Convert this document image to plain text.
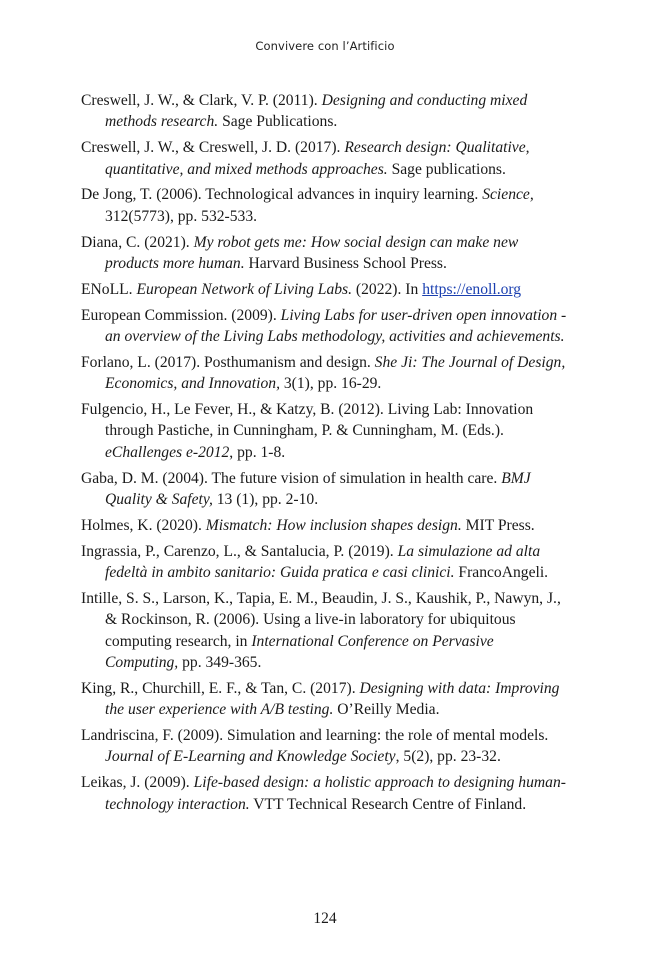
Convivere con l’Artificio

Creswell, J. W., & Clark, V. P. (2011). Designing and conducting mixed methods research. Sage Publications.

Creswell, J. W., & Creswell, J. D. (2017). Research design: Qualitative, quantitative, and mixed methods approaches. Sage publications.

De Jong, T. (2006). Technological advances in inquiry learning. Science, 312(5773), pp. 532-533.

Diana, C. (2021). My robot gets me: How social design can make new products more human. Harvard Business School Press.

ENoLL. European Network of Living Labs. (2022). In https://enoll.org

European Commission. (2009). Living Labs for user-driven open innovation - an overview of the Living Labs methodology, activities and achievements.

Forlano, L. (2017). Posthumanism and design. She Ji: The Journal of Design, Economics, and Innovation, 3(1), pp. 16-29.

Fulgencio, H., Le Fever, H., & Katzy, B. (2012). Living Lab: Innovation through Pastiche, in Cunningham, P. & Cunningham, M. (Eds.). eChallenges e-2012, pp. 1-8.

Gaba, D. M. (2004). The future vision of simulation in health care. BMJ Quality & Safety, 13 (1), pp. 2-10.

Holmes, K. (2020). Mismatch: How inclusion shapes design. MIT Press.

Ingrassia, P., Carenzo, L., & Santalucia, P. (2019). La simulazione ad alta fedeltà in ambito sanitario: Guida pratica e casi clinici. FrancoAngeli.

Intille, S. S., Larson, K., Tapia, E. M., Beaudin, J. S., Kaushik, P., Nawyn, J., & Rockinson, R. (2006). Using a live-in laboratory for ubiquitous computing research, in International Conference on Pervasive Computing, pp. 349-365.

King, R., Churchill, E. F., & Tan, C. (2017). Designing with data: Improving the user experience with A/B testing. O’Reilly Media.

Landriscina, F. (2009). Simulation and learning: the role of mental models. Journal of E-Learning and Knowledge Society, 5(2), pp. 23-32.

Leikas, J. (2009). Life-based design: a holistic approach to designing human-technology interaction. VTT Technical Research Centre of Finland.

124
